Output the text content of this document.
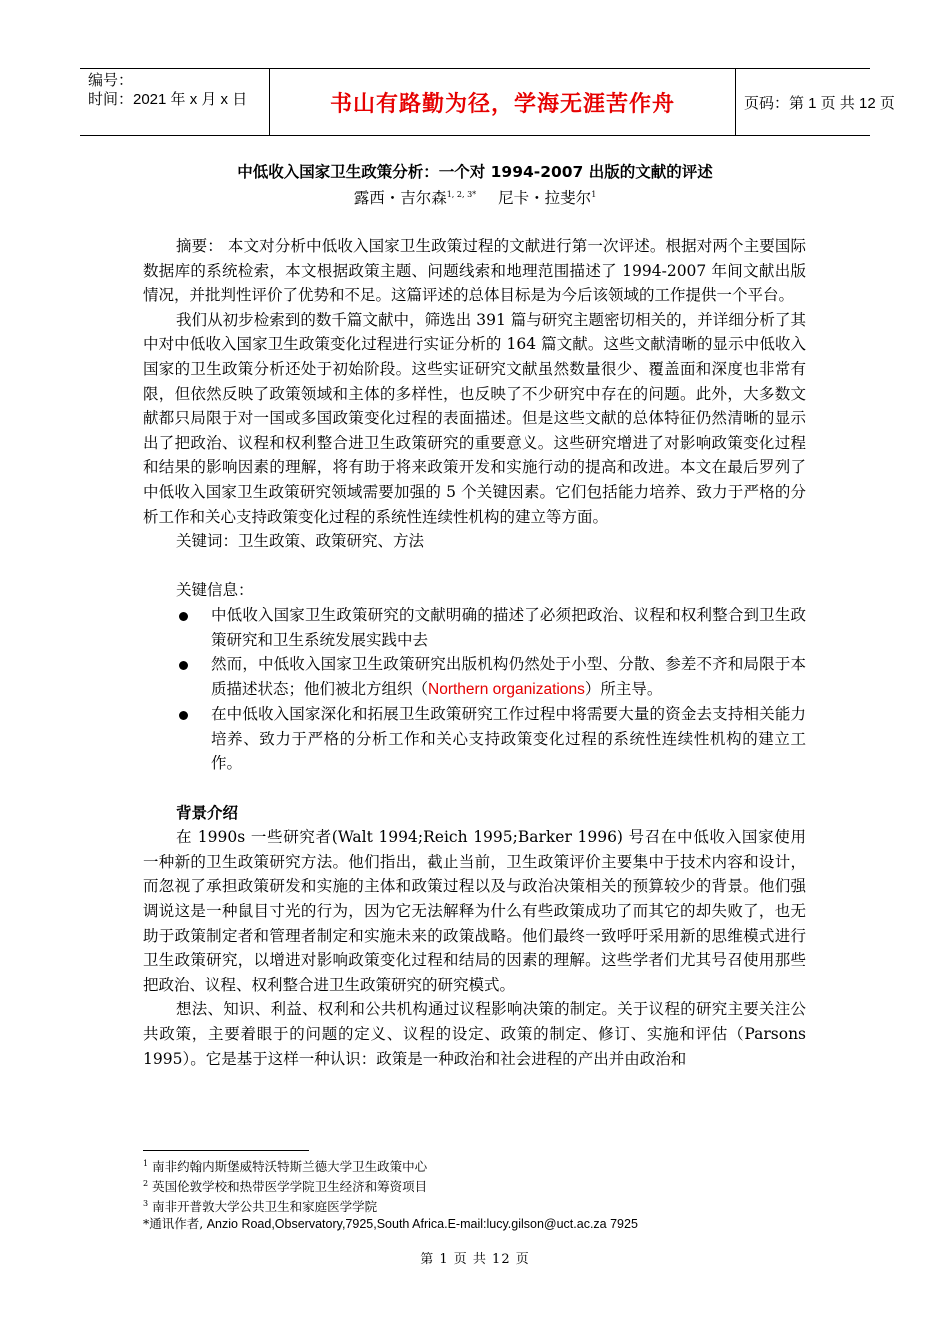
编号：
时间：2021 年 x 月 x 日	书山有路勤为径，学海无涯苦作舟	页码：第 1 页 共 12 页
中低收入国家卫生政策分析：一个对 1994-2007 出版的文献的评述
露西・吉尔森$^{1, 2, 3*}$ 尼卡・拉斐尔$^1$

摘要： 本文对分析中低收入国家卫生政策过程的文献进行第一次评述。根据对两个主要国际数据库的系统检索，本文根据政策主题、问题线索和地理范围描述了 1994-2007 年间文献出版情况，并批判性评价了优势和不足。这篇评述的总体目标是为今后该领域的工作提供一个平台。

我们从初步检索到的数千篇文献中，筛选出 391 篇与研究主题密切相关的，并详细分析了其中对中低收入国家卫生政策变化过程进行实证分析的 164 篇文献。这些文献清晰的显示中低收入国家的卫生政策分析还处于初始阶段。这些实证研究文献虽然数量很少、覆盖面和深度也非常有限，但依然反映了政策领域和主体的多样性，也反映了不少研究中存在的问题。此外，大多数文献都只局限于对一国或多国政策变化过程的表面描述。但是这些文献的总体特征仍然清晰的显示出了把政治、议程和权利整合进卫生政策研究的重要意义。这些研究增进了对影响政策变化过程和结果的影响因素的理解，将有助于将来政策开发和实施行动的提高和改进。本文在最后罗列了中低收入国家卫生政策研究领域需要加强的 5 个关键因素。它们包括能力培养、致力于严格的分析工作和关心支持政策变化过程的系统性连续性机构的建立等方面。

关键词：卫生政策、政策研究、方法

关键信息：

中低收入国家卫生政策研究的文献明确的描述了必须把政治、议程和权利整合到卫生政策研究和卫生系统发展实践中去

然而，中低收入国家卫生政策研究出版机构仍然处于小型、分散、参差不齐和局限于本质描述状态；他们被北方组织（Northern organizations）所主导。

在中低收入国家深化和拓展卫生政策研究工作过程中将需要大量的资金去支持相关能力培养、致力于严格的分析工作和关心支持政策变化过程的系统性连续性机构的建立工作。

背景介绍

在 1990s 一些研究者(Walt 1994;Reich 1995;Barker 1996) 号召在中低收入国家使用一种新的卫生政策研究方法。他们指出，截止当前，卫生政策评价主要集中于技术内容和设计，而忽视了承担政策研发和实施的主体和政策过程以及与政治决策相关的预算较少的背景。他们强调说这是一种鼠目寸光的行为，因为它无法解释为什么有些政策成功了而其它的却失败了，也无助于政策制定者和管理者制定和实施未来的政策战略。他们最终一致呼吁采用新的思维模式进行卫生政策研究，以增进对影响政策变化过程和结局的因素的理解。这些学者们尤其号召使用那些把政治、议程、权利整合进卫生政策研究的研究模式。

想法、知识、利益、权利和公共机构通过议程影响决策的制定。关于议程的研究主要关注公共政策，主要着眼于的问题的定义、议程的设定、政策的制定、修订、实施和评估（Parsons 1995）。它是基于这样一种认识：政策是一种政治和社会进程的产出并由政治和

$^1$ 南非约翰内斯堡威特沃特斯兰德大学卫生政策中心
$^2$ 英国伦敦学校和热带医学学院卫生经济和筹资项目
$^3$ 南非开普敦大学公共卫生和家庭医学学院
*通讯作者, Anzio Road,Observatory,7925,South Africa.E-mail:lucy.gilson@uct.ac.za 7925
第 1 页 共 12 页
